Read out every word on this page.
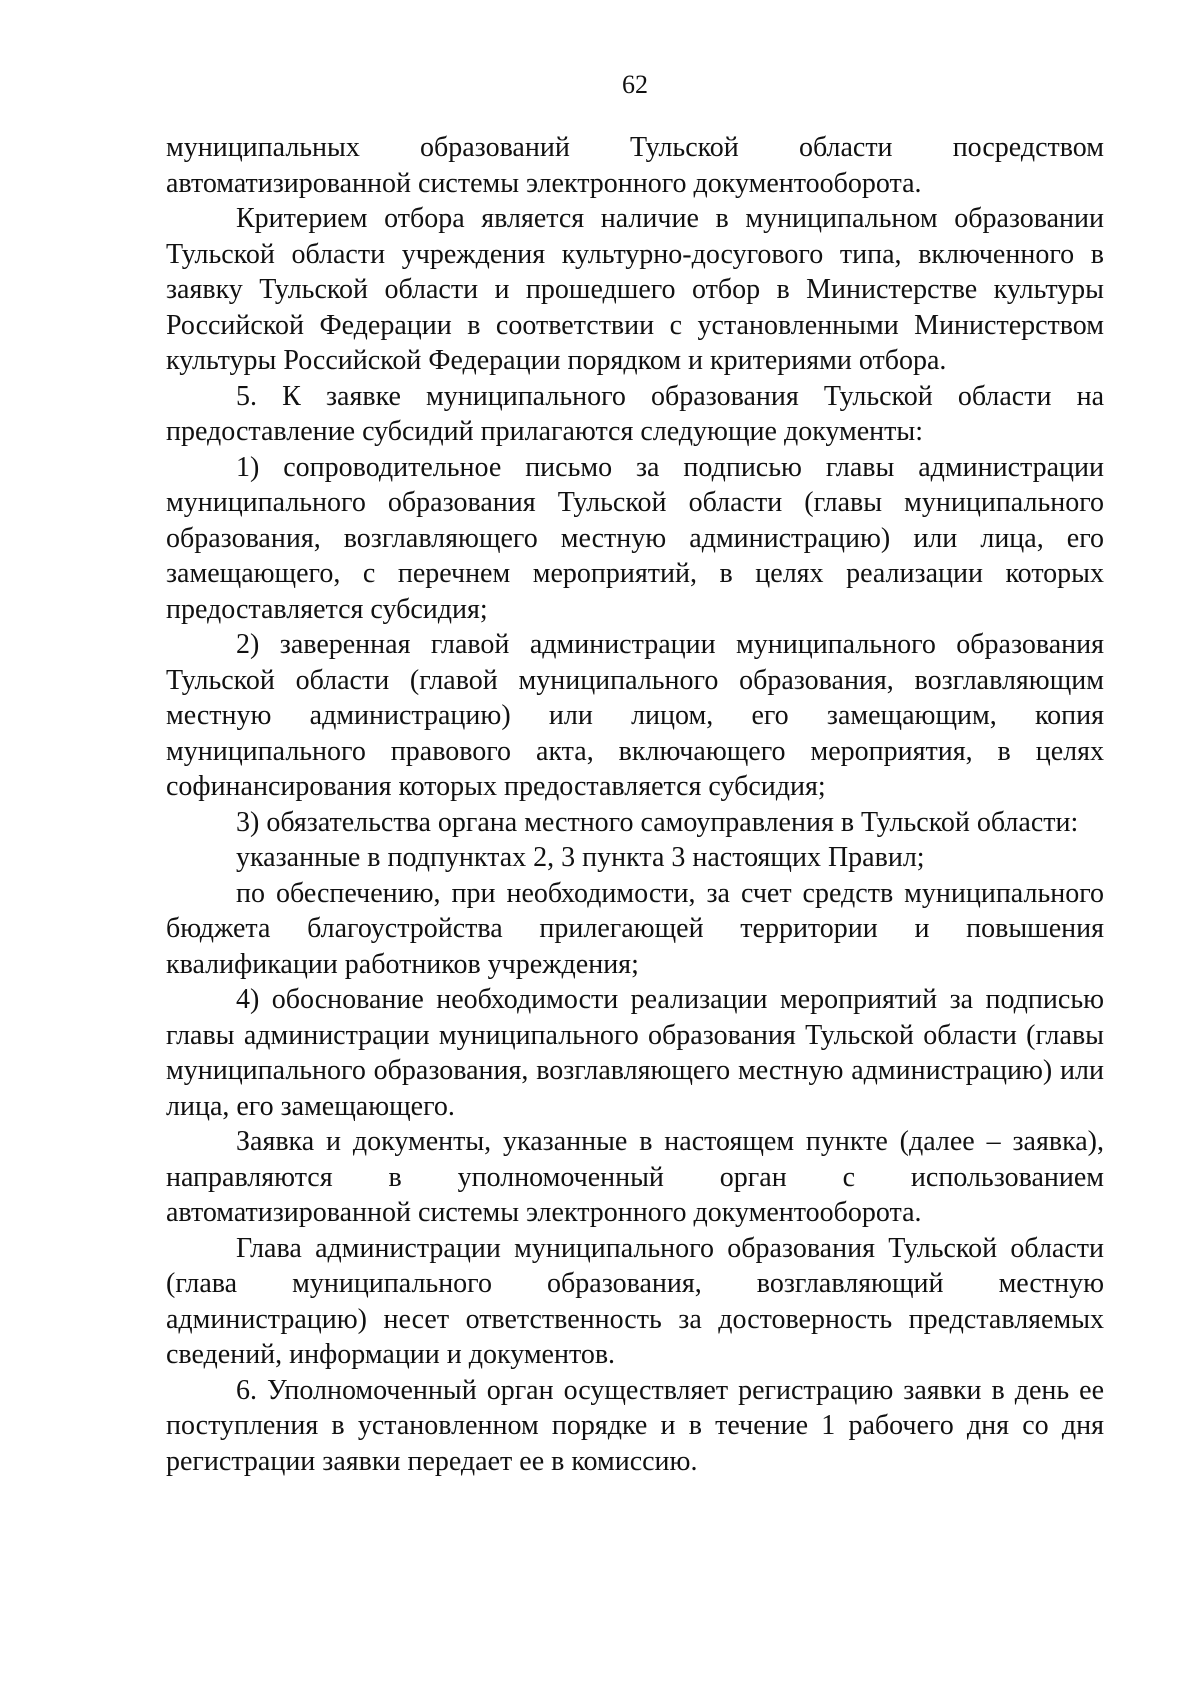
62

муниципальных образований Тульской области посредством автоматизированной системы электронного документооборота.

Критерием отбора является наличие в муниципальном образовании Тульской области учреждения культурно-досугового типа, включенного в заявку Тульской области и прошедшего отбор в Министерстве культуры Российской Федерации в соответствии с установленными Министерством культуры Российской Федерации порядком и критериями отбора.

5. К заявке муниципального образования Тульской области на предоставление субсидий прилагаются следующие документы:

1) сопроводительное письмо за подписью главы администрации муниципального образования Тульской области (главы муниципального образования, возглавляющего местную администрацию) или лица, его замещающего, с перечнем мероприятий, в целях реализации которых предоставляется субсидия;

2) заверенная главой администрации муниципального образования Тульской области (главой муниципального образования, возглавляющим местную администрацию) или лицом, его замещающим, копия муниципального правового акта, включающего мероприятия, в целях софинансирования которых предоставляется субсидия;

3) обязательства органа местного самоуправления в Тульской области:

указанные в подпунктах 2, 3 пункта 3 настоящих Правил;

по обеспечению, при необходимости, за счет средств муниципального бюджета благоустройства прилегающей территории и повышения квалификации работников учреждения;

4) обоснование необходимости реализации мероприятий за подписью главы администрации муниципального образования Тульской области (главы муниципального образования, возглавляющего местную администрацию) или лица, его замещающего.

Заявка и документы, указанные в настоящем пункте (далее – заявка), направляются в уполномоченный орган с использованием автоматизированной системы электронного документооборота.

Глава администрации муниципального образования Тульской области (глава муниципального образования, возглавляющий местную администрацию) несет ответственность за достоверность представляемых сведений, информации и документов.

6. Уполномоченный орган осуществляет регистрацию заявки в день ее поступления в установленном порядке и в течение 1 рабочего дня со дня регистрации заявки передает ее в комиссию.
